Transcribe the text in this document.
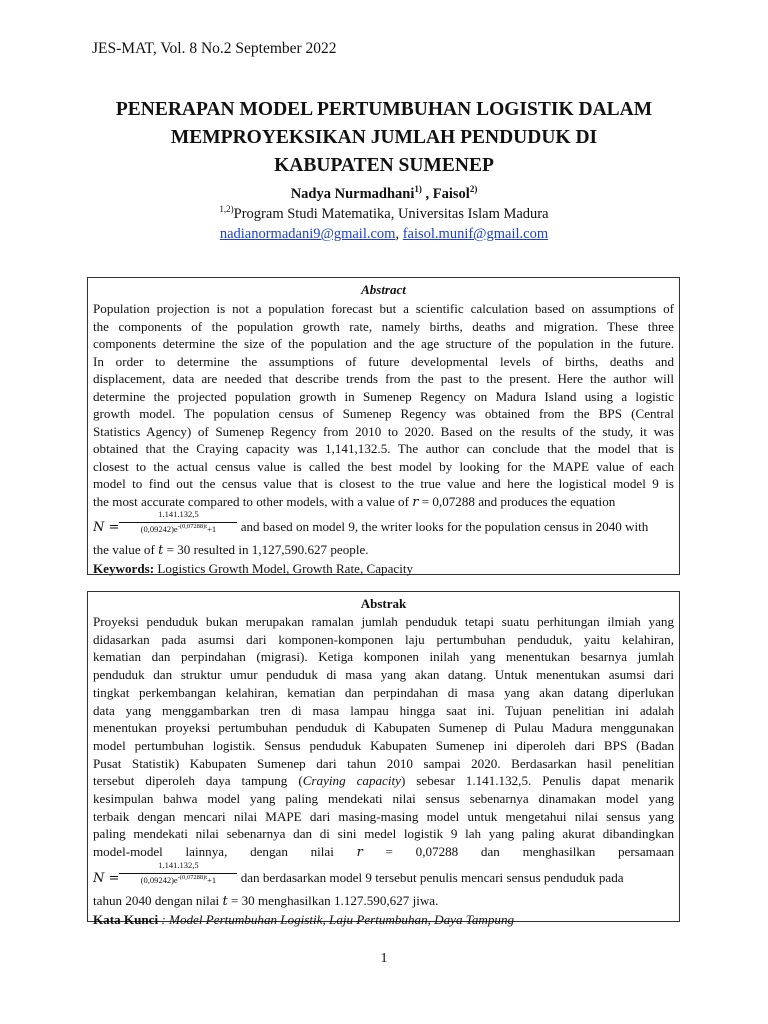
JES-MAT, Vol. 8 No.2 September 2022
PENERAPAN MODEL PERTUMBUHAN LOGISTIK DALAM
MEMPROYEKSIKAN JUMLAH PENDUDUK DI
KABUPATEN SUMENEP
Nadya Nurmadhani$^{1)}$ , Faisol$^{2)}$
$^{1,2)}$Program Studi Matematika, Universitas Islam Madura
nadianormadani9@gmail.com, faisol.munif@gmail.com
Abstract
Population projection is not a population forecast but a scientific calculation based on assumptions of
the components of the population growth rate, namely births, deaths and migration. These three
components determine the size of the population and the age structure of the population in the future.
In order to determine the assumptions of future developmental levels of births, deaths and
displacement, data are needed that describe trends from the past to the present. Here the author will
determine the projected population growth in Sumenep Regency on Madura Island using a logistic
growth model. The population census of Sumenep Regency was obtained from the BPS (Central
Statistics Agency) of Sumenep Regency from 2010 to 2020. Based on the results of the study, it was
obtained that the Craying capacity was 1,141,132.5. The author can conclude that the model that is
closest to the actual census value is called the best model by looking for the MAPE value of each
model to find out the census value that is closest to the true value and here the logistical model 9 is
the most accurate compared to other models, with a value of r = 0,07288 and produces the equation
$N = \frac{1.141.132,5}{(0,09242)e^{-(0,07288)t}+1}$ and based on model 9, the writer looks for the population census in 2040 with
the value of t = 30 resulted in 1,127,590.627 people.
Keywords: Logistics Growth Model, Growth Rate, Capacity
Abstrak
Proyeksi penduduk bukan merupakan ramalan jumlah penduduk tetapi suatu perhitungan ilmiah yang
didasarkan pada asumsi dari komponen-komponen laju pertumbuhan penduduk, yaitu kelahiran,
kematian dan perpindahan (migrasi). Ketiga komponen inilah yang menentukan besarnya jumlah
penduduk dan struktur umur penduduk di masa yang akan datang. Untuk menentukan asumsi dari
tingkat perkembangan kelahiran, kematian dan perpindahan di masa yang akan datang diperlukan
data yang menggambarkan tren di masa lampau hingga saat ini. Tujuan penelitian ini adalah
menentukan proyeksi pertumbuhan penduduk di Kabupaten Sumenep di Pulau Madura menggunakan
model pertumbuhan logistik. Sensus penduduk Kabupaten Sumenep ini diperoleh dari BPS (Badan
Pusat Statistik) Kabupaten Sumenep dari tahun 2010 sampai 2020. Berdasarkan hasil penelitian
tersebut diperoleh daya tampung (Craying capacity) sebesar 1.141.132,5. Penulis dapat menarik
kesimpulan bahwa model yang paling mendekati nilai sensus sebenarnya dinamakan model yang
terbaik dengan mencari nilai MAPE dari masing-masing model untuk mengetahui nilai sensus yang
paling mendekati nilai sebenarnya dan di sini medel logistik 9 lah yang paling akurat dibandingkan
model-model lainnya, dengan nilai r = 0,07288 dan menghasilkan persamaan
$N = \frac{1.141.132,5}{(0,09242)e^{-(0,07288)t}+1}$ dan berdasarkan model 9 tersebut penulis mencari sensus penduduk pada
tahun 2040 dengan nilai t = 30 menghasilkan 1.127.590,627 jiwa.
Kata Kunci : Model Pertumbuhan Logistik, Laju Pertumbuhan, Daya Tampung
1
